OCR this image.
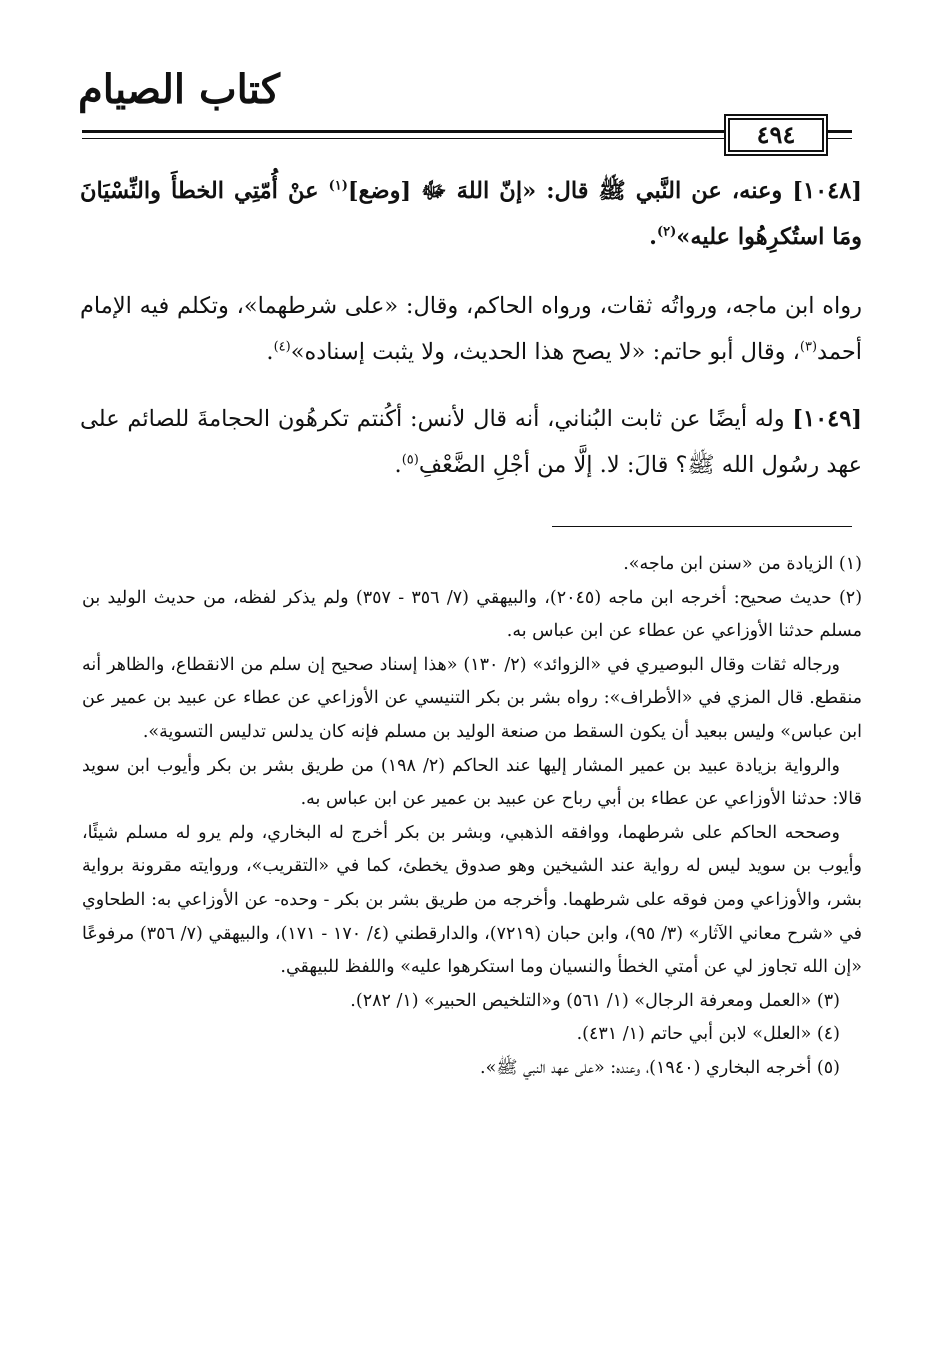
كتاب الصيام
٤٩٤
[١٠٤٨] وعنه، عن النَّبي ﷺ قال: «إنّ اللهَ ﷻ [وضع]$^{(١)}$ عنْ أُمّتِي الخطأَ والنِّسْيَانَ ومَا استُكرِهُوا عليه»$^{(٢)}$.
رواه ابن ماجه، ورواتُه ثقات، ورواه الحاكم، وقال: «على شرطهما»، وتكلم فيه الإمام أحمد$^{(٣)}$، وقال أبو حاتم: «لا يصح هذا الحديث، ولا يثبت إسناده»$^{(٤)}$.
[١٠٤٩] وله أيضًا عن ثابت البُناني، أنه قال لأنس: أكُنتم تكرهُون الحجامةَ للصائم على عهد رسُول الله ﷺ؟ قالَ: لا. إلَّا من أجْلِ الضَّعْفِ$^{(٥)}$.

(١) الزيادة من «سنن ابن ماجه».

(٢) حديث صحيح: أخرجه ابن ماجه (٢٠٤٥)، والبيهقي (٧/ ٣٥٦ - ٣٥٧) ولم يذكر لفظه، من حديث الوليد بن مسلم حدثنا الأوزاعي عن عطاء عن ابن عباس به.

ورجاله ثقات وقال البوصيري في «الزوائد» (٢/ ١٣٠) «هذا إسناد صحيح إن سلم من الانقطاع، والظاهر أنه منقطع. قال المزي في «الأطراف»: رواه بشر بن بكر التنيسي عن الأوزاعي عن عطاء عن عبيد بن عمير عن ابن عباس» وليس ببعيد أن يكون السقط من صنعة الوليد بن مسلم فإنه كان يدلس تدليس التسوية».

والرواية بزيادة عبيد بن عمير المشار إليها عند الحاكم (٢/ ١٩٨) من طريق بشر بن بكر وأيوب ابن سويد قالا: حدثنا الأوزاعي عن عطاء بن أبي رباح عن عبيد بن عمير عن ابن عباس به.

وصححه الحاكم على شرطهما، ووافقه الذهبي، وبشر بن بكر أخرج له البخاري، ولم يرو له مسلم شيئًا، وأيوب بن سويد ليس له رواية عند الشيخين وهو صدوق يخطئ، كما في «التقريب»، وروايته مقرونة برواية بشر، والأوزاعي ومن فوقه على شرطهما. وأخرجه من طريق بشر بن بكر - وحده- عن الأوزاعي به: الطحاوي في «شرح معاني الآثار» (٣/ ٩٥)، وابن حبان (٧٢١٩)، والدارقطني (٤/ ١٧٠ - ١٧١)، والبيهقي (٧/ ٣٥٦) مرفوعًا «إن الله تجاوز لي عن أمتي الخطأ والنسيان وما استكرهوا عليه» واللفظ للبيهقي.

(٣) «العمل ومعرفة الرجال» (١/ ٥٦١) و«التلخيص الحبير» (١/ ٢٨٢).

(٤) «العلل» لابن أبي حاتم (١/ ٤٣١).

(٥) أخرجه البخاري (١٩٤٠)، وعنده: «على عهد النبي ﷺ».
